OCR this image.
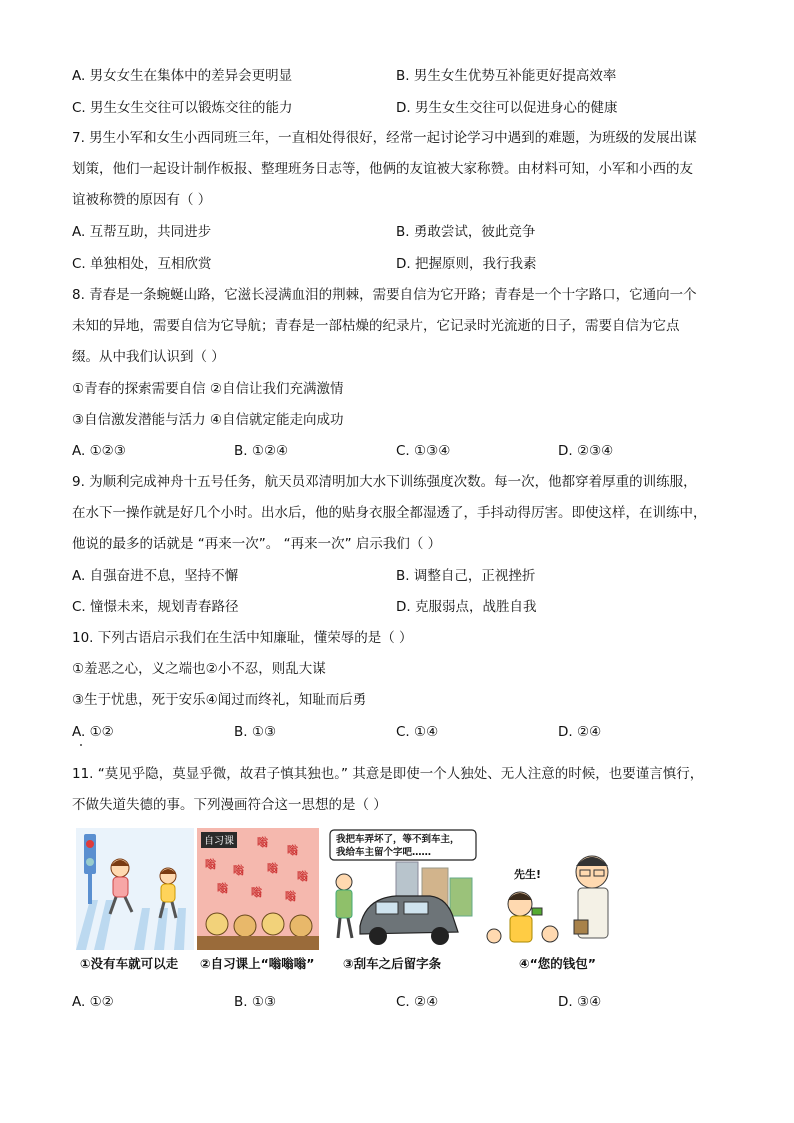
A. 男女女生在集体中的差异会更明显	B. 男生女生优势互补能更好提高效率
C. 男生女生交往可以锻炼交往的能力	D. 男生女生交往可以促进身心的健康
7. 男生小军和女生小西同班三年，一直相处得很好，经常一起讨论学习中遇到的难题，为班级的发展出谋
划策，他们一起设计制作板报、整理班务日志等，他俩的友谊被大家称赞。由材料可知，小军和小西的友
谊被称赞的原因有（ ）
A. 互帮互助，共同进步	B. 勇敢尝试，彼此竞争
C. 单独相处，互相欣赏	D. 把握原则，我行我素
8. 青春是一条蜿蜒山路，它滋长浸满血泪的荆棘，需要自信为它开路；青春是一个十字路口，它通向一个
未知的异地，需要自信为它导航；青春是一部枯燥的纪录片，它记录时光流逝的日子，需要自信为它点
缀。从中我们认识到（ ）
①青春的探索需要自信 ②自信让我们充满激情
③自信激发潜能与活力 ④自信就定能走向成功
A. ①②③	B. ①②④	C. ①③④	D. ②③④
9. 为顺利完成神舟十五号任务，航天员邓清明加大水下训练强度次数。每一次，他都穿着厚重的训练服，
在水下一操作就是好几个小时。出水后，他的贴身衣服全都湿透了，手抖动得厉害。即使这样，在训练中，
他说的最多的话就是 “再来一次”。 “再来一次” 启示我们（ ）
A. 自强奋进不息，坚持不懈	B. 调整自己，正视挫折
C. 憧憬未来，规划青春路径	D. 克服弱点，战胜自我
10. 下列古语启示我们在生活中知廉耻，懂荣辱的是（ ）
①羞恶之心，义之端也②小不忍，则乱大谋
③生于忧患，死于安乐④闻过而终礼，知耻而后勇
A. ①②	B. ①③	C. ①④	D. ②④
11. “莫见乎隐，莫显乎微，故君子慎其独也。” 其意是即使一个人独处、无人注意的时候，也要谨言慎行，
不做失道失德的事。下列漫画符合这一思想的是（ ）
①没有车就可以走
自习课 嗡
嗡
嗡 嗡 嗡
嗡
嗡 嗡 嗡
②自习课上“嗡嗡嗡”
我把车弄坏了，等不到车主，
我给车主留个字吧……
③刮车之后留字条
先生!
④“您的钱包”
A. ①②	B. ①③	C. ②④	D. ③④
